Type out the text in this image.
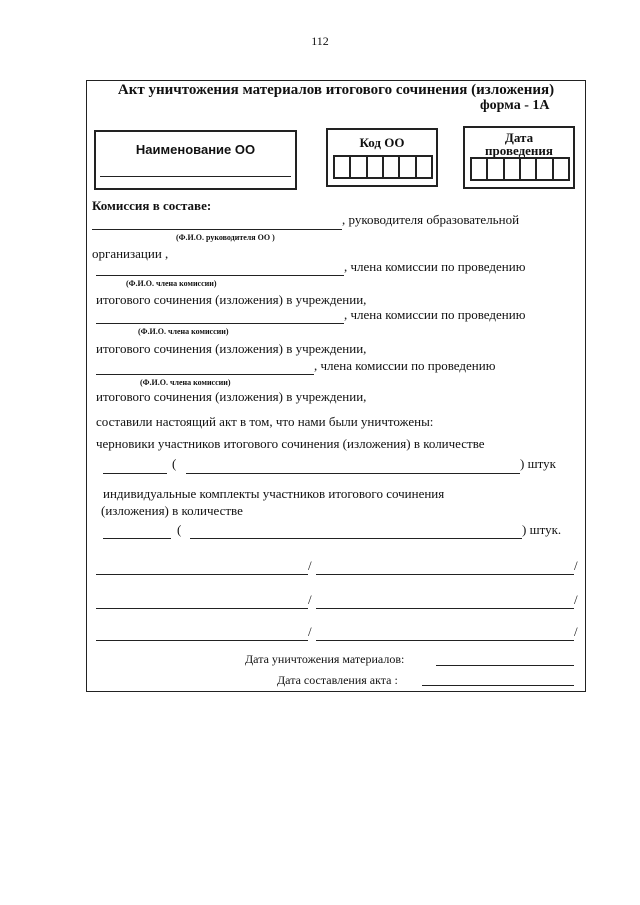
112
Акт уничтожения материалов итогового сочинения (изложения)
форма - 1А
Наименование ОО	Код ОО	Дата
проведения
Комиссия в составе:
, руководителя образовательной
(Ф.И.О. руководителя ОО )
организации ,
, члена комиссии по проведению
(Ф.И.О. члена комиссии)
итогового сочинения (изложения) в учреждении,
, члена комиссии по проведению
(Ф.И.О. члена комиссии)
итогового сочинения (изложения) в учреждении,
, члена комиссии по проведению
(Ф.И.О. члена комиссии)
итогового сочинения (изложения) в учреждении,
составили настоящий акт в том, что нами были уничтожены:
черновики участников итогового сочинения (изложения) в количестве
(	) штук
индивидуальные комплекты участников итогового сочинения
(изложения) в количестве
(	) штук.
/	/
/	/
/	/
Дата уничтожения материалов:
Дата составления акта :
